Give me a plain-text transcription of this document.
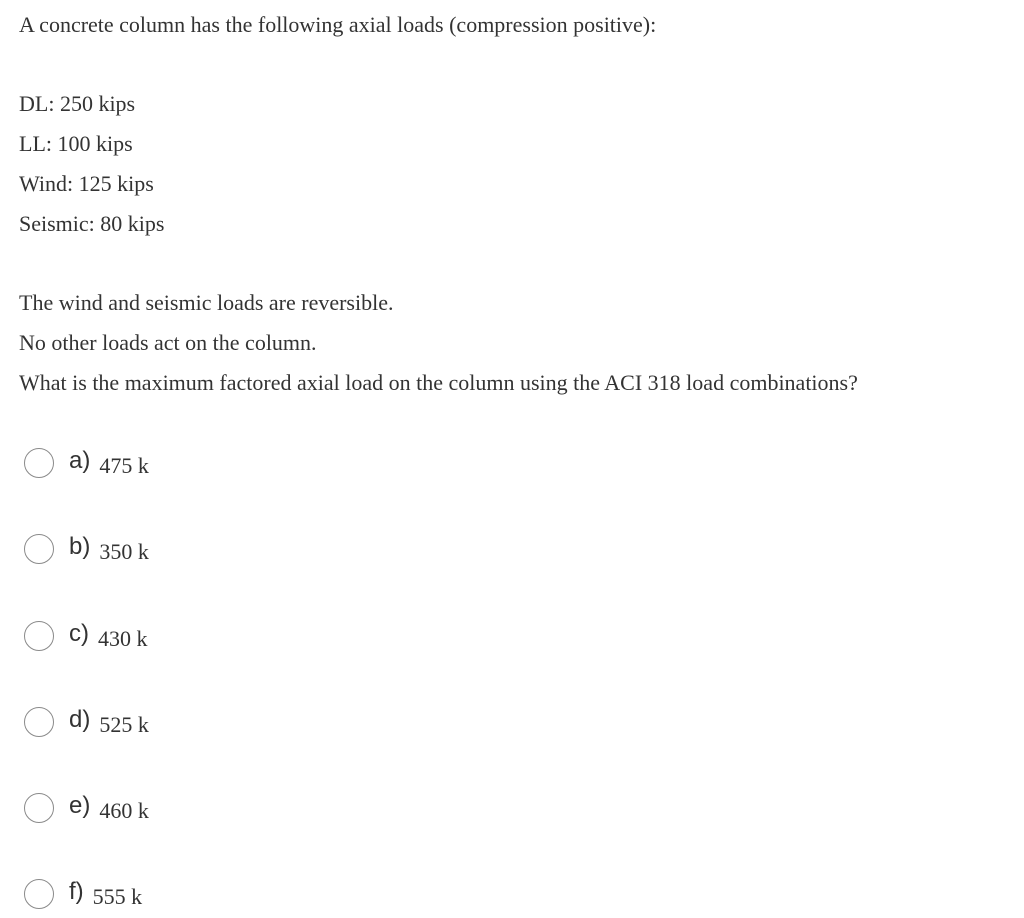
A concrete column has the following axial loads (compression positive):
DL: 250 kips
LL: 100 kips
Wind: 125 kips
Seismic: 80 kips
The wind and seismic loads are reversible.
No other loads act on the column.
What is the maximum factored axial load on the column using the ACI 318 load combinations?
a) 475 k
b) 350 k
c) 430 k
d) 525 k
e) 460 k
f) 555 k
